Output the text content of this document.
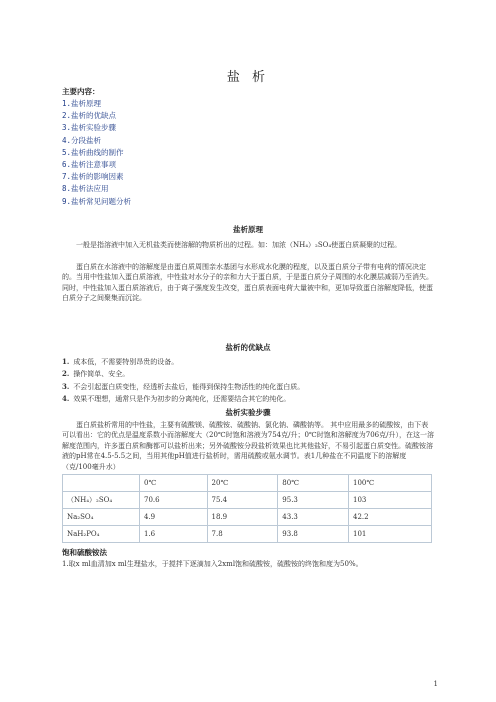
盐 析
主要内容：
1.盐析原理
2.盐析的优缺点
3.盐析实验步骤
4.分段盐析
5.盐析曲线的制作
6.盐析注意事项
7.盐析的影响因素
8.盐析法应用
9.盐析常见问题分析
盐析原理
一般是指溶液中加入无机盐类而使溶解的物质析出的过程。如：加浓（NH₄）₂SO₄使蛋白质凝聚的过程。
蛋白质在水溶液中的溶解度是由蛋白质周围亲水基团与水形成水化膜的程度，以及蛋白质分子带有电荷的情况决定的。当用中性盐加入蛋白质溶液，中性盐对水分子的亲和力大于蛋白质，于是蛋白质分子周围的水化膜层减弱乃至消失。同时，中性盐加入蛋白质溶液后，由于离子强度发生改变，蛋白质表面电荷大量被中和，更加导致蛋白溶解度降低，使蛋白质分子之间聚集而沉淀。
盐析的优缺点
1. 成本低，不需要特别昂贵的设备。
2. 操作简单、安全。
3. 不会引起蛋白质变性，经透析去盐后，能得到保持生物活性的纯化蛋白质。
4. 效果不理想，通常只是作为初步的分离纯化，还需要结合其它的纯化。
盐析实验步骤
	0℃	20℃	80℃	100℃
（NH₄）₂SO₄	70.6	75.4	95.3	103
Na₂SO₄	4.9	18.9	43.3	42.2
NaH₂PO₄	1.6	7.8	93.8	101
饱和硫酸铵法
1.取x ml血清加x ml生理盐水，于搅拌下逐滴加入2xml饱和硫酸铵，硫酸铵的终饱和度为50%。
1
蛋白质盐析常用的中性盐，主要有硫酸镁、硫酸铵、硫酸钠、氯化钠、磷酸钠等。 其中应用最多的硫酸铵，由下表可以看出：它的优点是温度系数小而溶解度大（20℃时饱和溶液为754克/升；0℃时饱和溶解度为706克/升），在这一溶解度范围内，许多蛋白质和酶都可以盐析出来；另外硫酸铵分段盐析效果也比其他盐好，不易引起蛋白质变性。硫酸铵溶液的pH常在4.5-5.5之间，当用其他pH值进行盐析时，需用硫酸或氨水调节。表1几种盐在不同温度下的溶解度（克/100毫升水）
